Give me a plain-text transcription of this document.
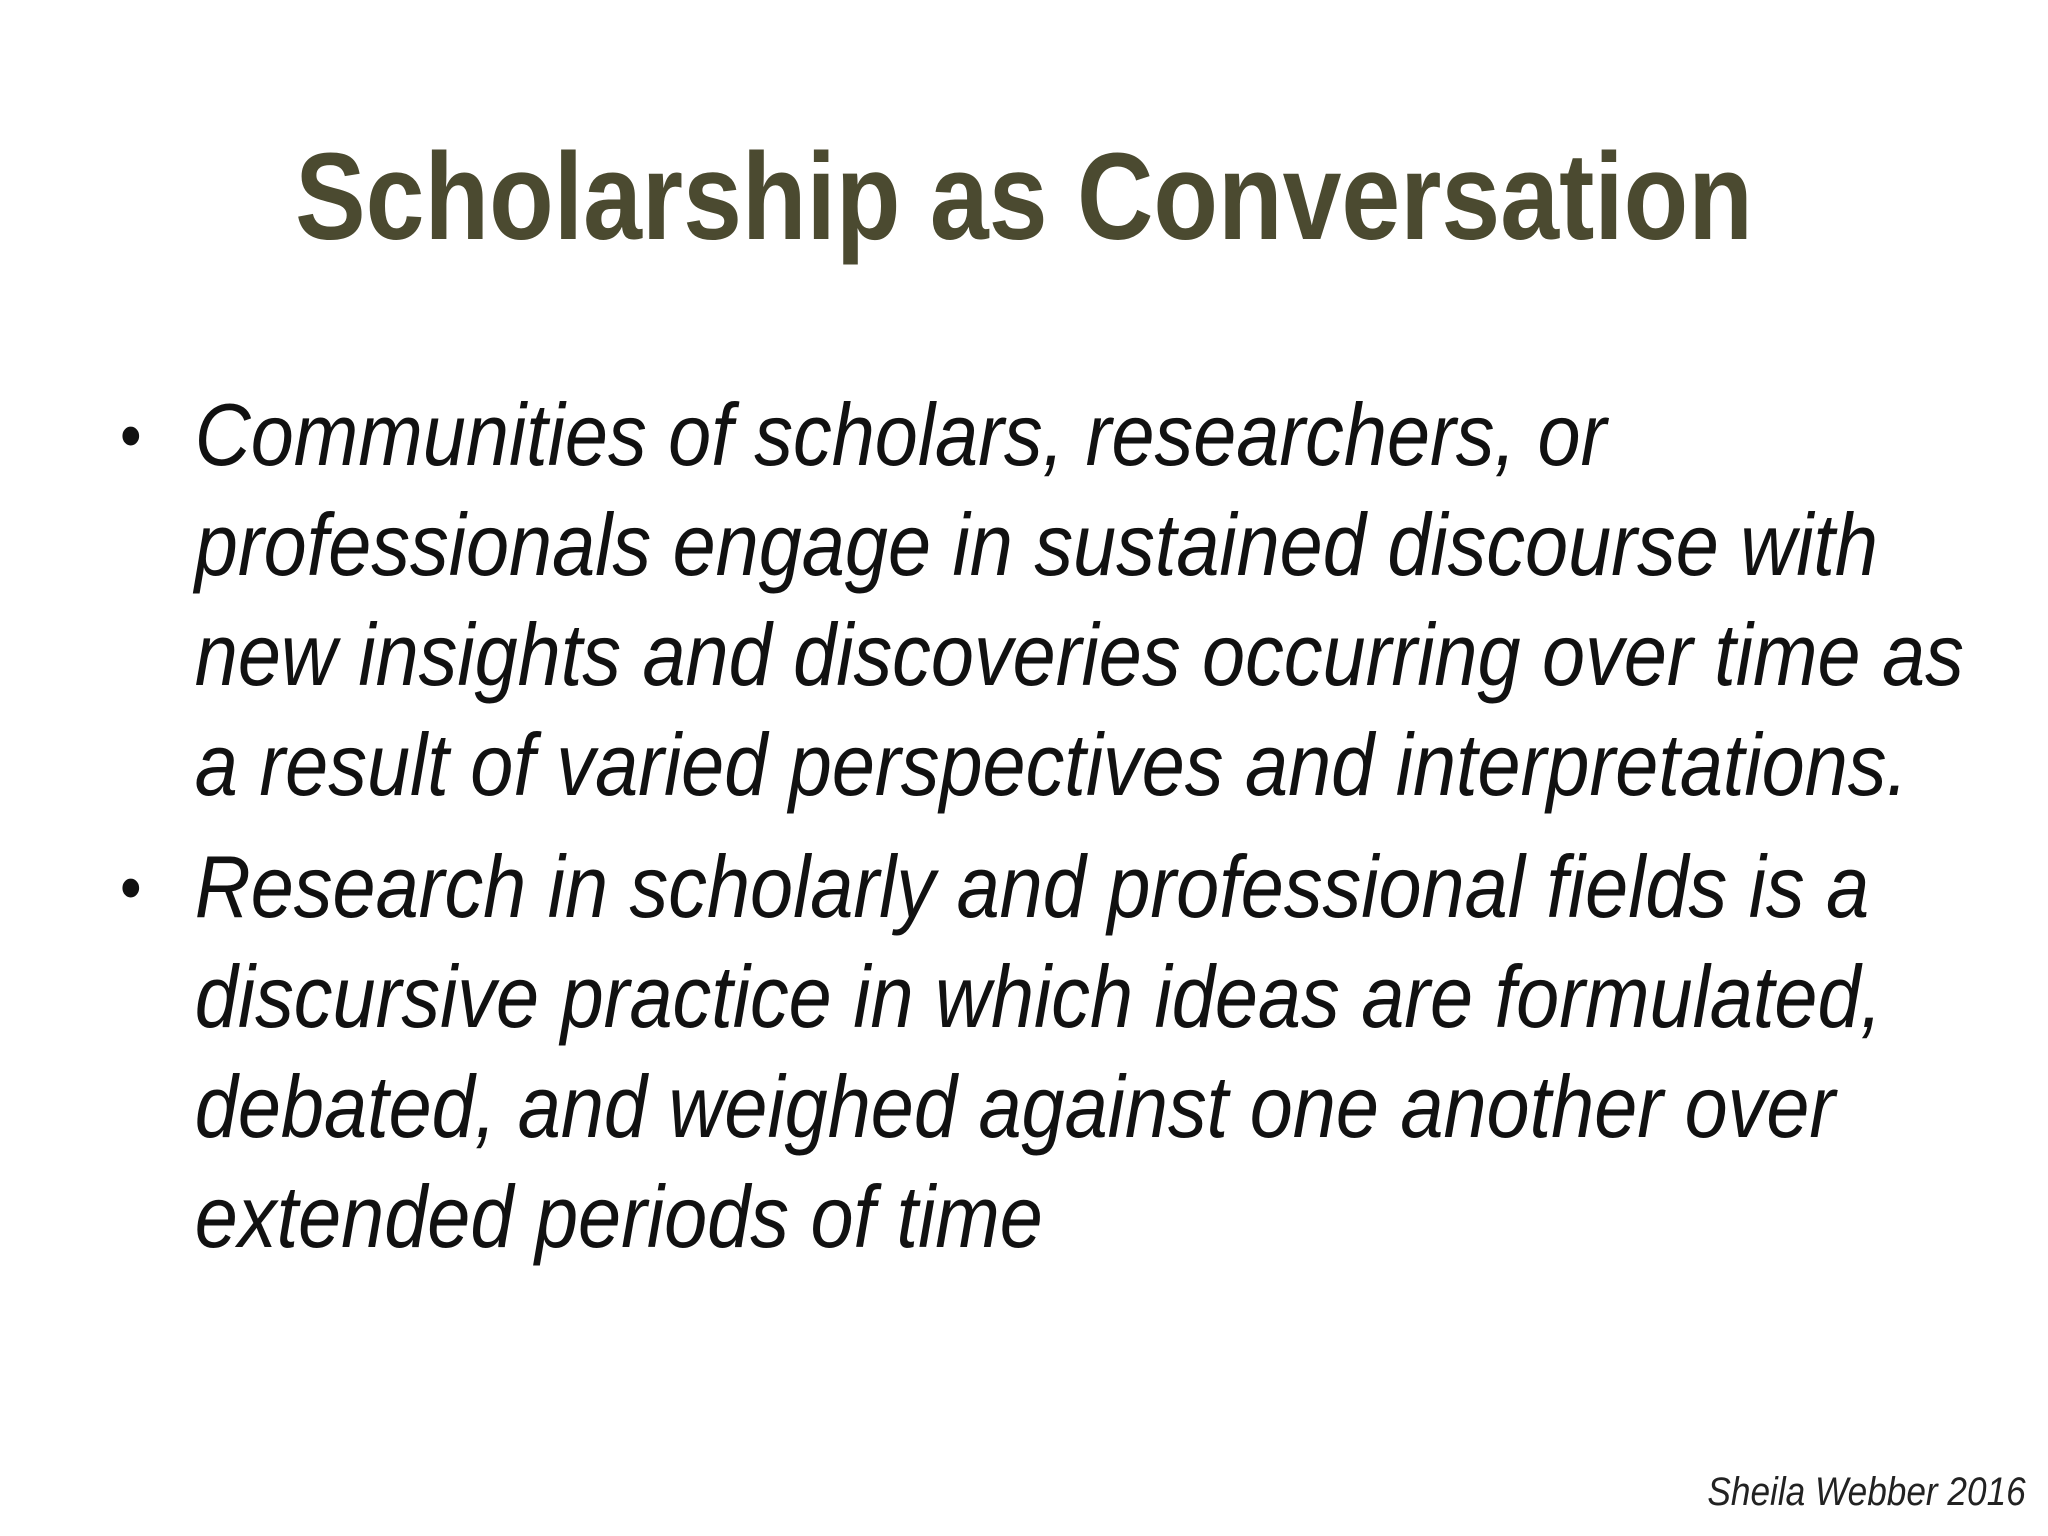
Scholarship as Conversation
• Communities of scholars, researchers, or
professionals engage in sustained discourse with
new insights and discoveries occurring over time as
a result of varied perspectives and interpretations.
• Research in scholarly and professional fields is a
discursive practice in which ideas are formulated,
debated, and weighed against one another over
extended periods of time
Sheila Webber 2016
